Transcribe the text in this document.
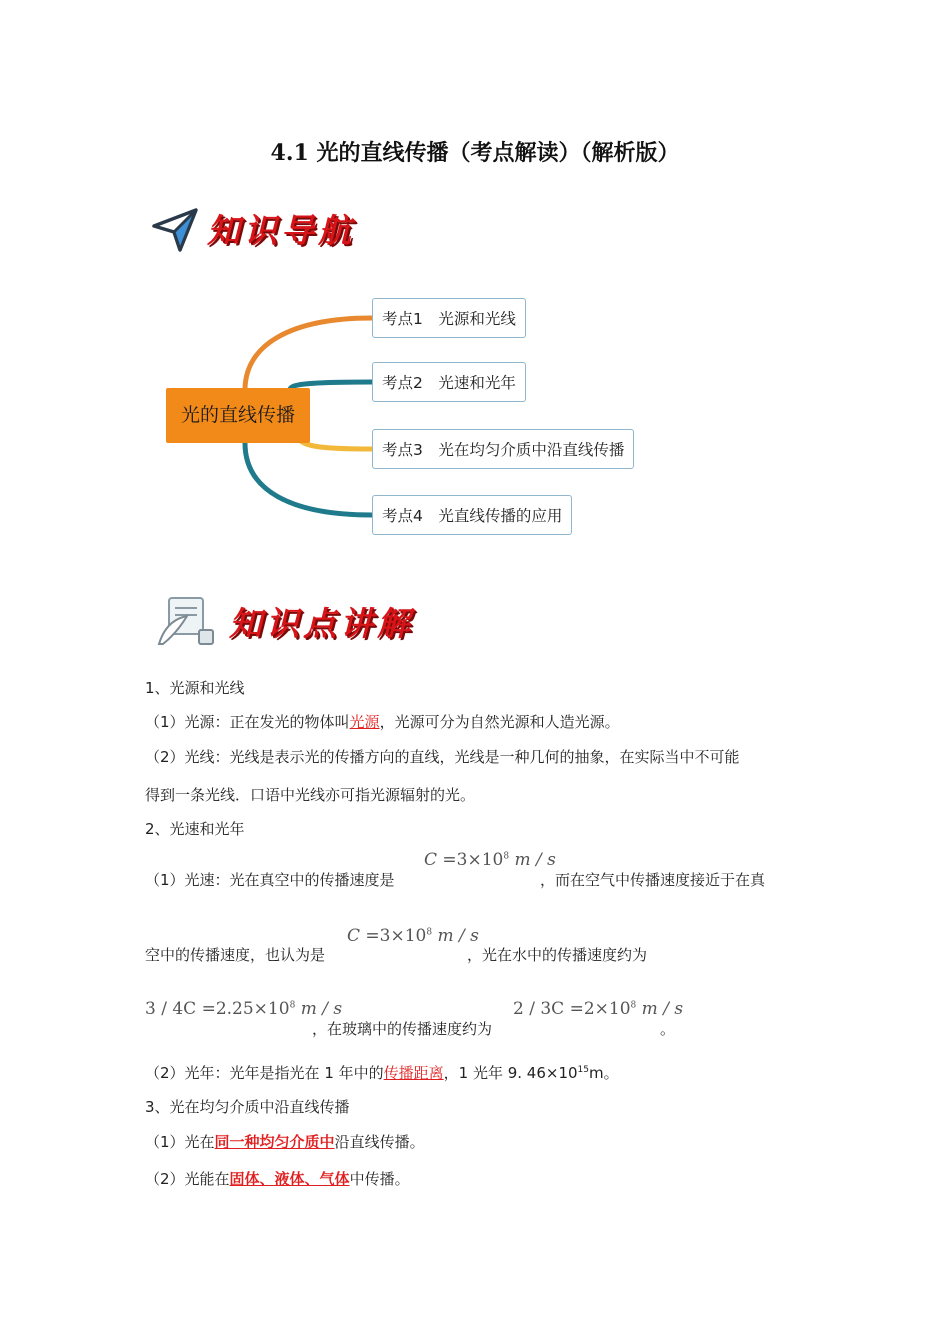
4.1 光的直线传播（考点解读）（解析版）
知识导航
光的直线传播
考点1　光源和光线
考点2　光速和光年
考点3　光在均匀介质中沿直线传播
考点4　光直线传播的应用
知识点讲解
1、光源和光线
（1）光源：正在发光的物体叫光源，光源可分为自然光源和人造光源。
（2）光线：光线是表示光的传播方向的直线，光线是一种几何的抽象，在实际当中不可能
得到一条光线．口语中光线亦可指光源辐射的光。
2、光速和光年
$C =3\times 10^8$ m / s
（1）光速：光在真空中的传播速度是	，而在空气中传播速度接近于在真
$C =3\times 10^8$ m / s
空中的传播速度，也认为是	，光在水中的传播速度约为
$3 / 4C =2.25\times 10^8$ m / s
，在玻璃中的传播速度约为
$2 / 3C =2\times 10^8$ m / s
。
（2）光年：光年是指光在 1 年中的传播距离，1 光年 9. $46\times 10^{15}m$。
3、光在均匀介质中沿直线传播
（1）光在同一种均匀介质中沿直线传播。
（2）光能在固体、液体、气体中传播。
